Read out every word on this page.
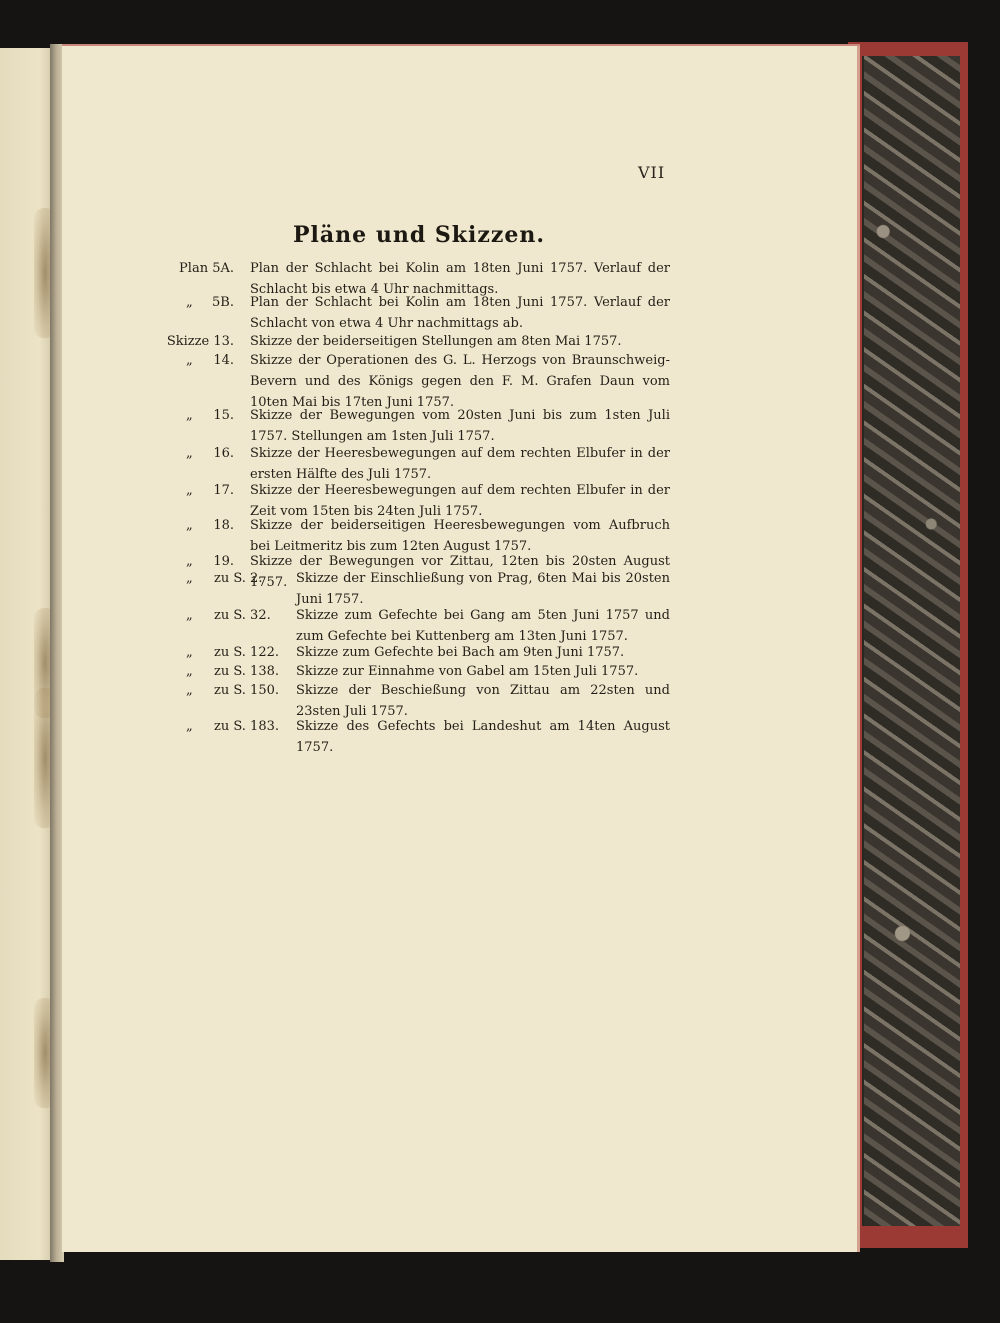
VII
Pläne und Skizzen.
Plan 5A. Plan der Schlacht bei Kolin am 18ten Juni 1757. Verlauf der Schlacht bis etwa 4 Uhr nachmittags.
„ 5B. Plan der Schlacht bei Kolin am 18ten Juni 1757. Verlauf der Schlacht von etwa 4 Uhr nachmittags ab.
Skizze 13. Skizze der beiderseitigen Stellungen am 8ten Mai 1757.
„ 14. Skizze der Operationen des G. L. Herzogs von Braunschweig-Bevern und des Königs gegen den F. M. Grafen Daun vom 10ten Mai bis 17ten Juni 1757.
„ 15. Skizze der Bewegungen vom 20sten Juni bis zum 1sten Juli 1757. Stellungen am 1sten Juli 1757.
„ 16. Skizze der Heeresbewegungen auf dem rechten Elbufer in der ersten Hälfte des Juli 1757.
„ 17. Skizze der Heeresbewegungen auf dem rechten Elbufer in der Zeit vom 15ten bis 24ten Juli 1757.
„ 18. Skizze der beiderseitigen Heeresbewegungen vom Aufbruch bei Leitmeritz bis zum 12ten August 1757.
„ 19. Skizze der Bewegungen vor Zittau, 12ten bis 20sten August 1757.
„ zu S. 2.	Skizze der Einschließung von Prag, 6ten Mai bis 20sten Juni 1757.
„ zu S. 32. Skizze zum Gefechte bei Gang am 5ten Juni 1757 und zum Gefechte bei Kuttenberg am 13ten Juni 1757.
„ zu S. 122. Skizze zum Gefechte bei Bach am 9ten Juni 1757.
„ zu S. 138. Skizze zur Einnahme von Gabel am 15ten Juli 1757.
„ zu S. 150. Skizze der Beschießung von Zittau am 22sten und 23sten Juli 1757.
„ zu S. 183. Skizze des Gefechts bei Landeshut am 14ten August 1757.
